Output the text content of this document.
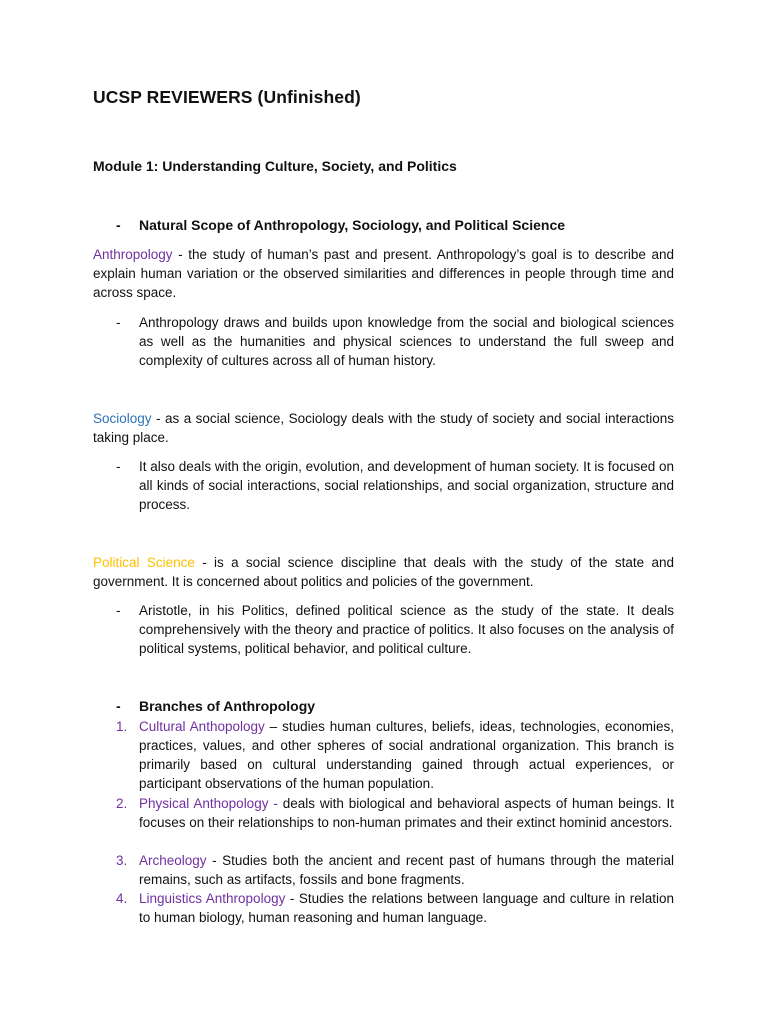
UCSP REVIEWERS (Unfinished)
Module 1: Understanding Culture, Society, and Politics
- Natural Scope of Anthropology, Sociology, and Political Science
Anthropology - the study of human’s past and present. Anthropology’s goal is to describe and explain human variation or the observed similarities and differences in people through time and across space.
- Anthropology draws and builds upon knowledge from the social and biological sciences as well as the humanities and physical sciences to understand the full sweep and complexity of cultures across all of human history.
Sociology - as a social science, Sociology deals with the study of society and social interactions taking place.
- It also deals with the origin, evolution, and development of human society. It is focused on all kinds of social interactions, social relationships, and social organization, structure and process.
Political Science - is a social science discipline that deals with the study of the state and government. It is concerned about politics and policies of the government.
- Aristotle, in his Politics, defined political science as the study of the state. It deals comprehensively with the theory and practice of politics. It also focuses on the analysis of political systems, political behavior, and political culture.
- Branches of Anthropology
1. Cultural Anthopology – studies human cultures, beliefs, ideas, technologies, economies, practices, values, and other spheres of social andrational organization. This branch is primarily based on cultural understanding gained through actual experiences, or participant observations of the human population.
2. Physical Anthopology - deals with biological and behavioral aspects of human beings. It focuses on their relationships to non-human primates and their extinct hominid ancestors.
3. Archeology - Studies both the ancient and recent past of humans through the material remains, such as artifacts, fossils and bone fragments.
4. Linguistics Anthropology - Studies the relations between language and culture in relation to human biology, human reasoning and human language.
